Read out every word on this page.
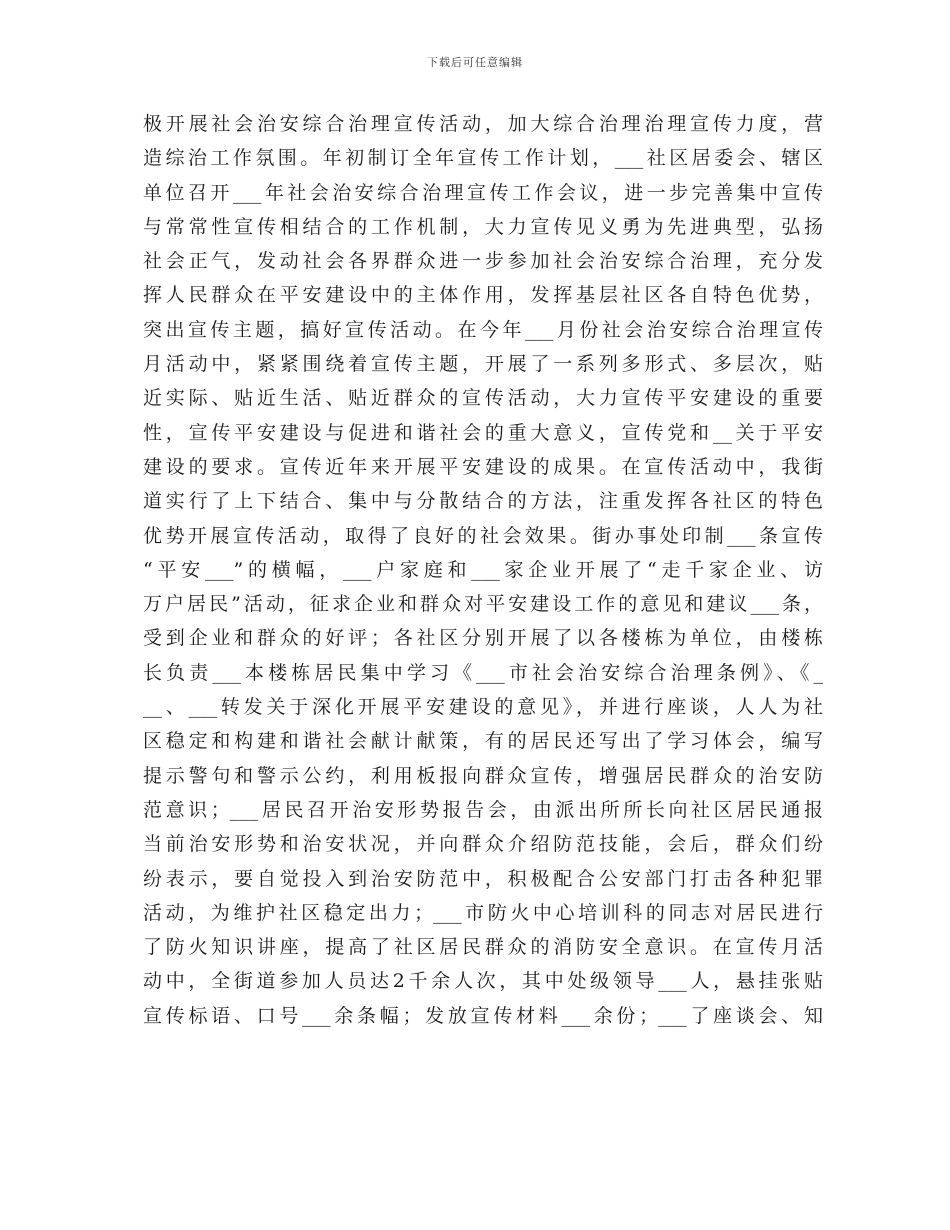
下载后可任意编辑
极开展社会治安综合治理宣传活动，加大综合治理治理宣传力度，营
造综治工作氛围。年初制订全年宣传工作计划，___社区居委会、辖区
单位召开___年社会治安综合治理宣传工作会议，进一步完善集中宣传
与常常性宣传相结合的工作机制，大力宣传见义勇为先进典型，弘扬
社会正气，发动社会各界群众进一步参加社会治安综合治理，充分发
挥人民群众在平安建设中的主体作用，发挥基层社区各自特色优势，
突出宣传主题，搞好宣传活动。在今年___月份社会治安综合治理宣传
月活动中，紧紧围绕着宣传主题，开展了一系列多形式、多层次，贴
近实际、贴近生活、贴近群众的宣传活动，大力宣传平安建设的重要
性，宣传平安建设与促进和谐社会的重大意义，宣传党和__关于平安
建设的要求。宣传近年来开展平安建设的成果。在宣传活动中，我街
道实行了上下结合、集中与分散结合的方法，注重发挥各社区的特色
优势开展宣传活动，取得了良好的社会效果。街办事处印制___条宣传
“平安___”的横幅，___户家庭和___家企业开展了“走千家企业、访
万户居民”活动，征求企业和群众对平安建设工作的意见和建议___条，
受到企业和群众的好评；各社区分别开展了以各楼栋为单位，由楼栋
长负责___本楼栋居民集中学习《___市社会治安综合治理条例》、《_
__、___转发关于深化开展平安建设的意见》，并进行座谈，人人为社
区稳定和构建和谐社会献计献策，有的居民还写出了学习体会，编写
提示警句和警示公约，利用板报向群众宣传，增强居民群众的治安防
范意识；___居民召开治安形势报告会，由派出所所长向社区居民通报
当前治安形势和治安状况，并向群众介绍防范技能，会后，群众们纷
纷表示，要自觉投入到治安防范中，积极配合公安部门打击各种犯罪
活动，为维护社区稳定出力；___市防火中心培训科的同志对居民进行
了防火知识讲座，提高了社区居民群众的消防安全意识。在宣传月活
动中，全街道参加人员达2千余人次，其中处级领导___人，悬挂张贴
宣传标语、口号___余条幅；发放宣传材料___余份；___了座谈会、知
